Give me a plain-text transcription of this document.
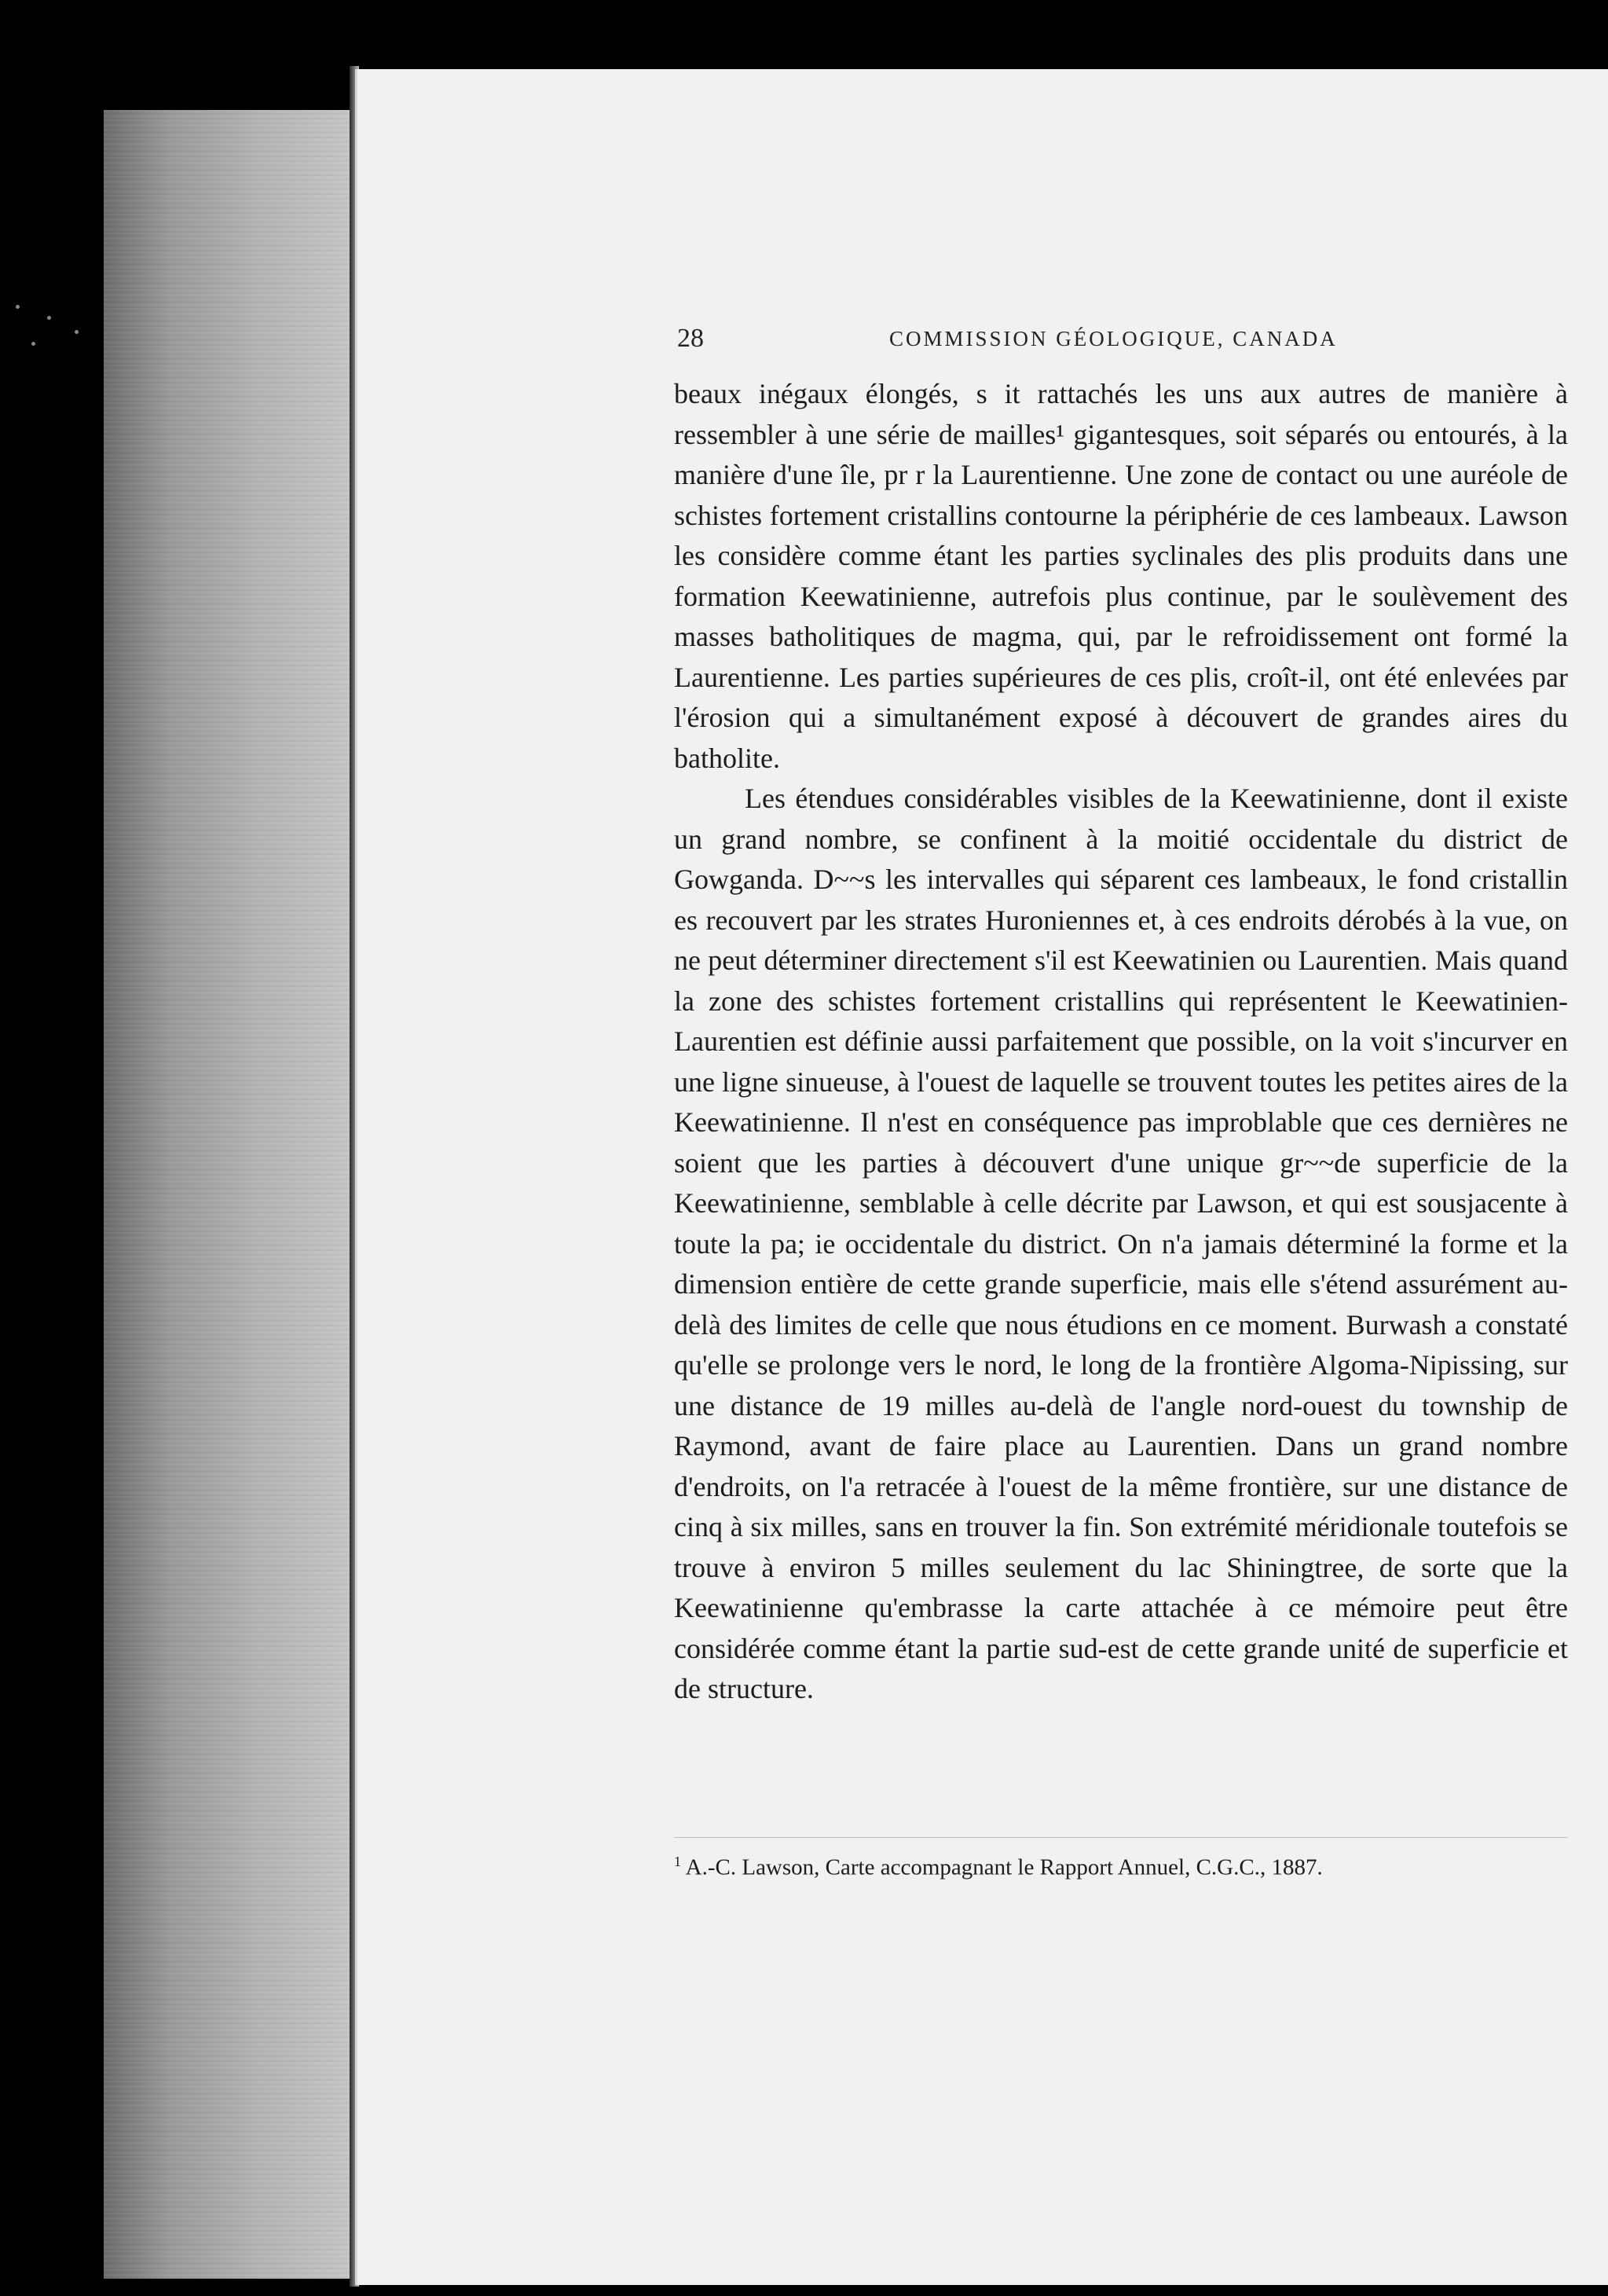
28	COMMISSION GÉOLOGIQUE, CANADA

beaux inégaux élongés, s it rattachés les uns aux autres de manière à ressembler à une série de mailles¹ gigantesques, soit séparés ou entourés, à la manière d'une île, pr r la Laurentienne. Une zone de contact ou une auréole de schistes fortement cristallins contourne la périphérie de ces lambeaux. Lawson les considère comme étant les parties syclinales des plis produits dans une formation Keewatinienne, autrefois plus continue, par le soulèvement des masses batholitiques de magma, qui, par le refroidissement ont formé la Laurentienne. Les parties supérieures de ces plis, croît-il, ont été enlevées par l'érosion qui a simultanément exposé à découvert de grandes aires du batholite.

Les étendues considérables visibles de la Keewatinienne, dont il existe un grand nombre, se confinent à la moitié occidentale du district de Gowganda. D~~s les intervalles qui séparent ces lambeaux, le fond cristallin es recouvert par les strates Huroniennes et, à ces endroits dérobés à la vue, on ne peut déterminer directement s'il est Keewatinien ou Laurentien. Mais quand la zone des schistes fortement cristallins qui représentent le Keewatinien-Laurentien est définie aussi parfaitement que possible, on la voit s'incurver en une ligne sinueuse, à l'ouest de laquelle se trouvent toutes les petites aires de la Keewatinienne. Il n'est en conséquence pas improblable que ces dernières ne soient que les parties à découvert d'une unique gr~~de superficie de la Keewatinienne, semblable à celle décrite par Lawson, et qui est sousjacente à toute la pa; ie occidentale du district. On n'a jamais déterminé la forme et la dimension entière de cette grande superficie, mais elle s'étend assurément au-delà des limites de celle que nous étudions en ce moment. Burwash a constaté qu'elle se prolonge vers le nord, le long de la frontière Algoma-Nipissing, sur une distance de 19 milles au-delà de l'angle nord-ouest du township de Raymond, avant de faire place au Laurentien. Dans un grand nombre d'endroits, on l'a retracée à l'ouest de la même frontière, sur une distance de cinq à six milles, sans en trouver la fin. Son extrémité méridionale toutefois se trouve à environ 5 milles seulement du lac Shiningtree, de sorte que la Keewatinienne qu'embrasse la carte attachée à ce mémoire peut être considérée comme étant la partie sud-est de cette grande unité de superficie et de structure.

$^1$ A.-C. Lawson, Carte accompagnant le Rapport Annuel, C.G.C., 1887.
